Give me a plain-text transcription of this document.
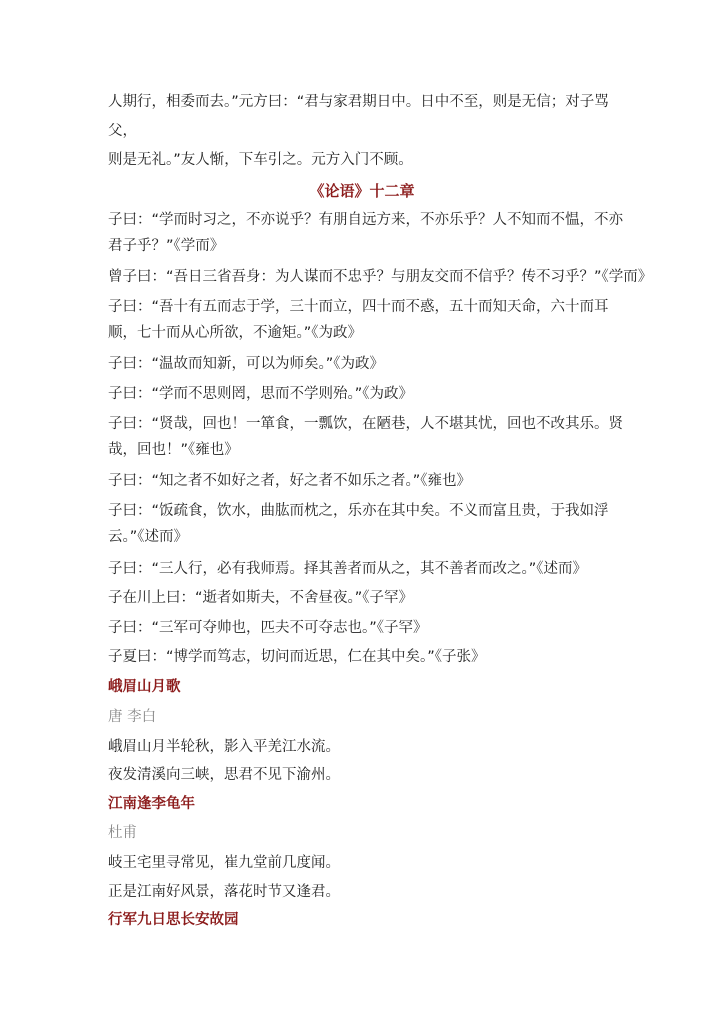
人期行，相委而去。”元方曰：“君与家君期日中。日中不至，则是无信；对子骂父，
则是无礼。”友人惭，下车引之。元方入门不顾。
《论语》十二章
子曰：“学而时习之，不亦说乎？有朋自远方来，不亦乐乎？人不知而不愠，不亦君子乎？”《学而》
曾子曰：“吾日三省吾身：为人谋而不忠乎？与朋友交而不信乎？传不习乎？”《学而》
子曰：“吾十有五而志于学，三十而立，四十而不惑，五十而知天命，六十而耳顺，七十而从心所欲，不逾矩。”《为政》
子曰：“温故而知新，可以为师矣。”《为政》
子曰：“学而不思则罔，思而不学则殆。”《为政》
子曰：“贤哉，回也！一箪食，一瓢饮，在陋巷，人不堪其忧，回也不改其乐。贤哉，回也！”《雍也》
子曰：“知之者不如好之者，好之者不如乐之者。”《雍也》
子曰：“饭疏食，饮水，曲肱而枕之，乐亦在其中矣。不义而富且贵，于我如浮云。”《述而》
子曰：“三人行，必有我师焉。择其善者而从之，其不善者而改之。”《述而》
子在川上曰：“逝者如斯夫，不舍昼夜。”《子罕》
子曰：“三军可夺帅也，匹夫不可夺志也。”《子罕》
子夏曰：“博学而笃志，切问而近思，仁在其中矣。”《子张》
峨眉山月歌
唐 李白
峨眉山月半轮秋，影入平羌江水流。
夜发清溪向三峡，思君不见下渝州。
江南逢李龟年
杜甫
岐王宅里寻常见，崔九堂前几度闻。
正是江南好风景，落花时节又逢君。
行军九日思长安故园
